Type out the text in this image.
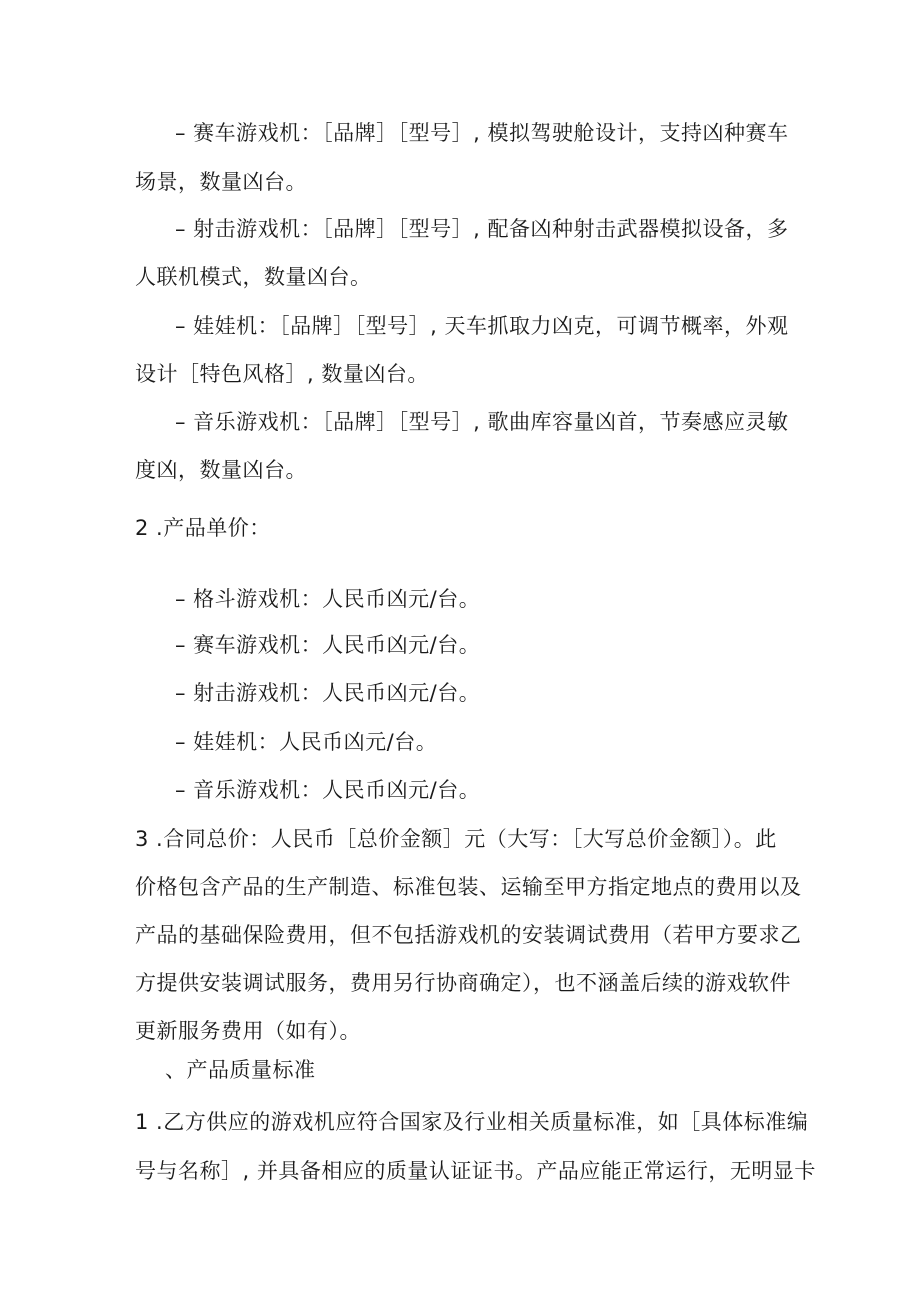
– 赛车游戏机：［品牌］［型号］, 模拟驾驶舱设计，支持凶种赛车
场景，数量凶台。
– 射击游戏机：［品牌］［型号］, 配备凶种射击武器模拟设备，多
人联机模式，数量凶台。
– 娃娃机：［品牌］［型号］, 天车抓取力凶克，可调节概率，外观
设计［特色风格］, 数量凶台。
– 音乐游戏机：［品牌］［型号］, 歌曲库容量凶首，节奏感应灵敏
度凶，数量凶台。
2 .产品单价：
– 格斗游戏机：人民币凶元/台。
– 赛车游戏机：人民币凶元/台。
– 射击游戏机：人民币凶元/台。
– 娃娃机：人民币凶元/台。
– 音乐游戏机：人民币凶元/台。
3 .合同总价：人民币［总价金额］元（大写：［大写总价金额］）。此
价格包含产品的生产制造、标准包装、运输至甲方指定地点的费用以及
产品的基础保险费用，但不包括游戏机的安装调试费用（若甲方要求乙
方提供安装调试服务，费用另行协商确定），也不涵盖后续的游戏软件
更新服务费用（如有）。
、产品质量标准
1 .乙方供应的游戏机应符合国家及行业相关质量标准，如［具体标准编
号与名称］, 并具备相应的质量认证证书。产品应能正常运行，无明显卡
